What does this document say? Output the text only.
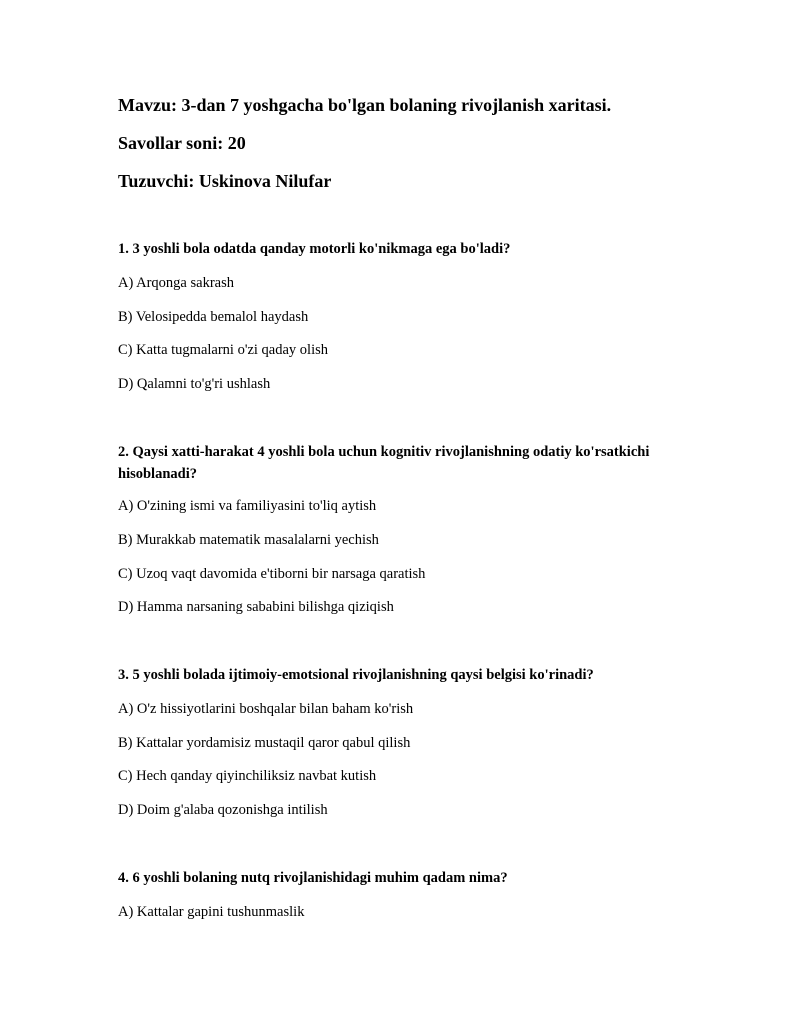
Mavzu: 3-dan 7 yoshgacha bo'lgan bolaning rivojlanish xaritasi.
Savollar soni: 20
Tuzuvchi: Uskinova Nilufar
1. 3 yoshli bola odatda qanday motorli ko'nikmaga ega bo'ladi?
A) Arqonga sakrash
B) Velosipedda bemalol haydash
C) Katta tugmalarni o'zi qaday olish
D) Qalamni to'g'ri ushlash
2. Qaysi xatti-harakat 4 yoshli bola uchun kognitiv rivojlanishning odatiy ko'rsatkichi hisoblanadi?
A) O'zining ismi va familiyasini to'liq aytish
B) Murakkab matematik masalalarni yechish
C) Uzoq vaqt davomida e'tiborni bir narsaga qaratish
D) Hamma narsaning sababini bilishga qiziqish
3. 5 yoshli bolada ijtimoiy-emotsional rivojlanishning qaysi belgisi ko'rinadi?
A) O'z hissiyotlarini boshqalar bilan baham ko'rish
B) Kattalar yordamisiz mustaqil qaror qabul qilish
C) Hech qanday qiyinchiliksiz navbat kutish
D) Doim g'alaba qozonishga intilish
4. 6 yoshli bolaning nutq rivojlanishidagi muhim qadam nima?
A) Kattalar gapini tushunmaslik
